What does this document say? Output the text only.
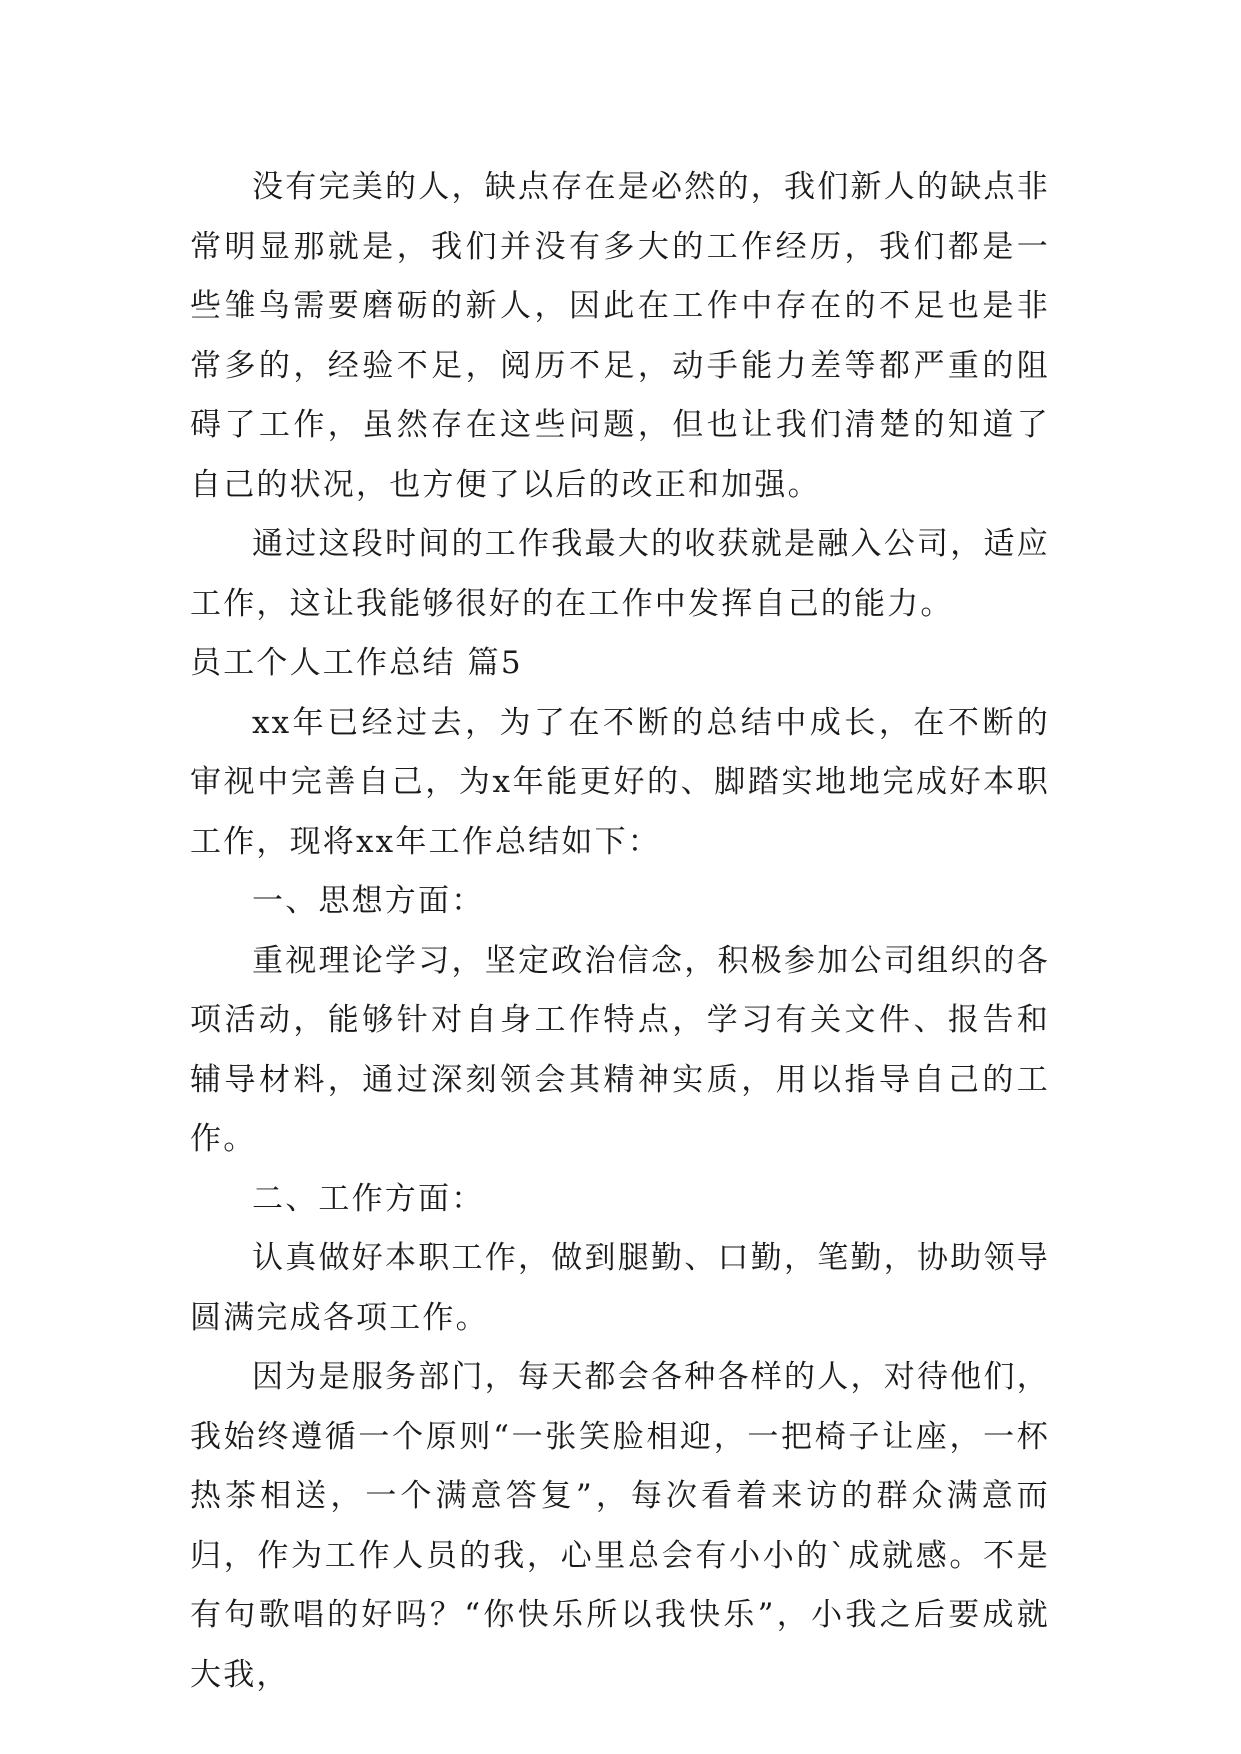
没有完美的人，缺点存在是必然的，我们新人的缺点非常明显那就是，我们并没有多大的工作经历，我们都是一些雏鸟需要磨砺的新人，因此在工作中存在的不足也是非常多的，经验不足，阅历不足，动手能力差等都严重的阻碍了工作，虽然存在这些问题，但也让我们清楚的知道了自己的状况，也方便了以后的改正和加强。

通过这段时间的工作我最大的收获就是融入公司，适应工作，这让我能够很好的在工作中发挥自己的能力。

员工个人工作总结 篇5

xx年已经过去，为了在不断的总结中成长，在不断的审视中完善自己，为x年能更好的、脚踏实地地完成好本职工作，现将xx年工作总结如下：

一、思想方面：

重视理论学习，坚定政治信念，积极参加公司组织的各项活动，能够针对自身工作特点，学习有关文件、报告和辅导材料，通过深刻领会其精神实质，用以指导自己的工作。

二、工作方面：

认真做好本职工作，做到腿勤、口勤，笔勤，协助领导圆满完成各项工作。

因为是服务部门，每天都会各种各样的人，对待他们，我始终遵循一个原则“一张笑脸相迎，一把椅子让座，一杯热茶相送，一个满意答复”，每次看着来访的群众满意而归，作为工作人员的我，心里总会有小小的`成就感。不是有句歌唱的好吗？“你快乐所以我快乐”，小我之后要成就大我，
